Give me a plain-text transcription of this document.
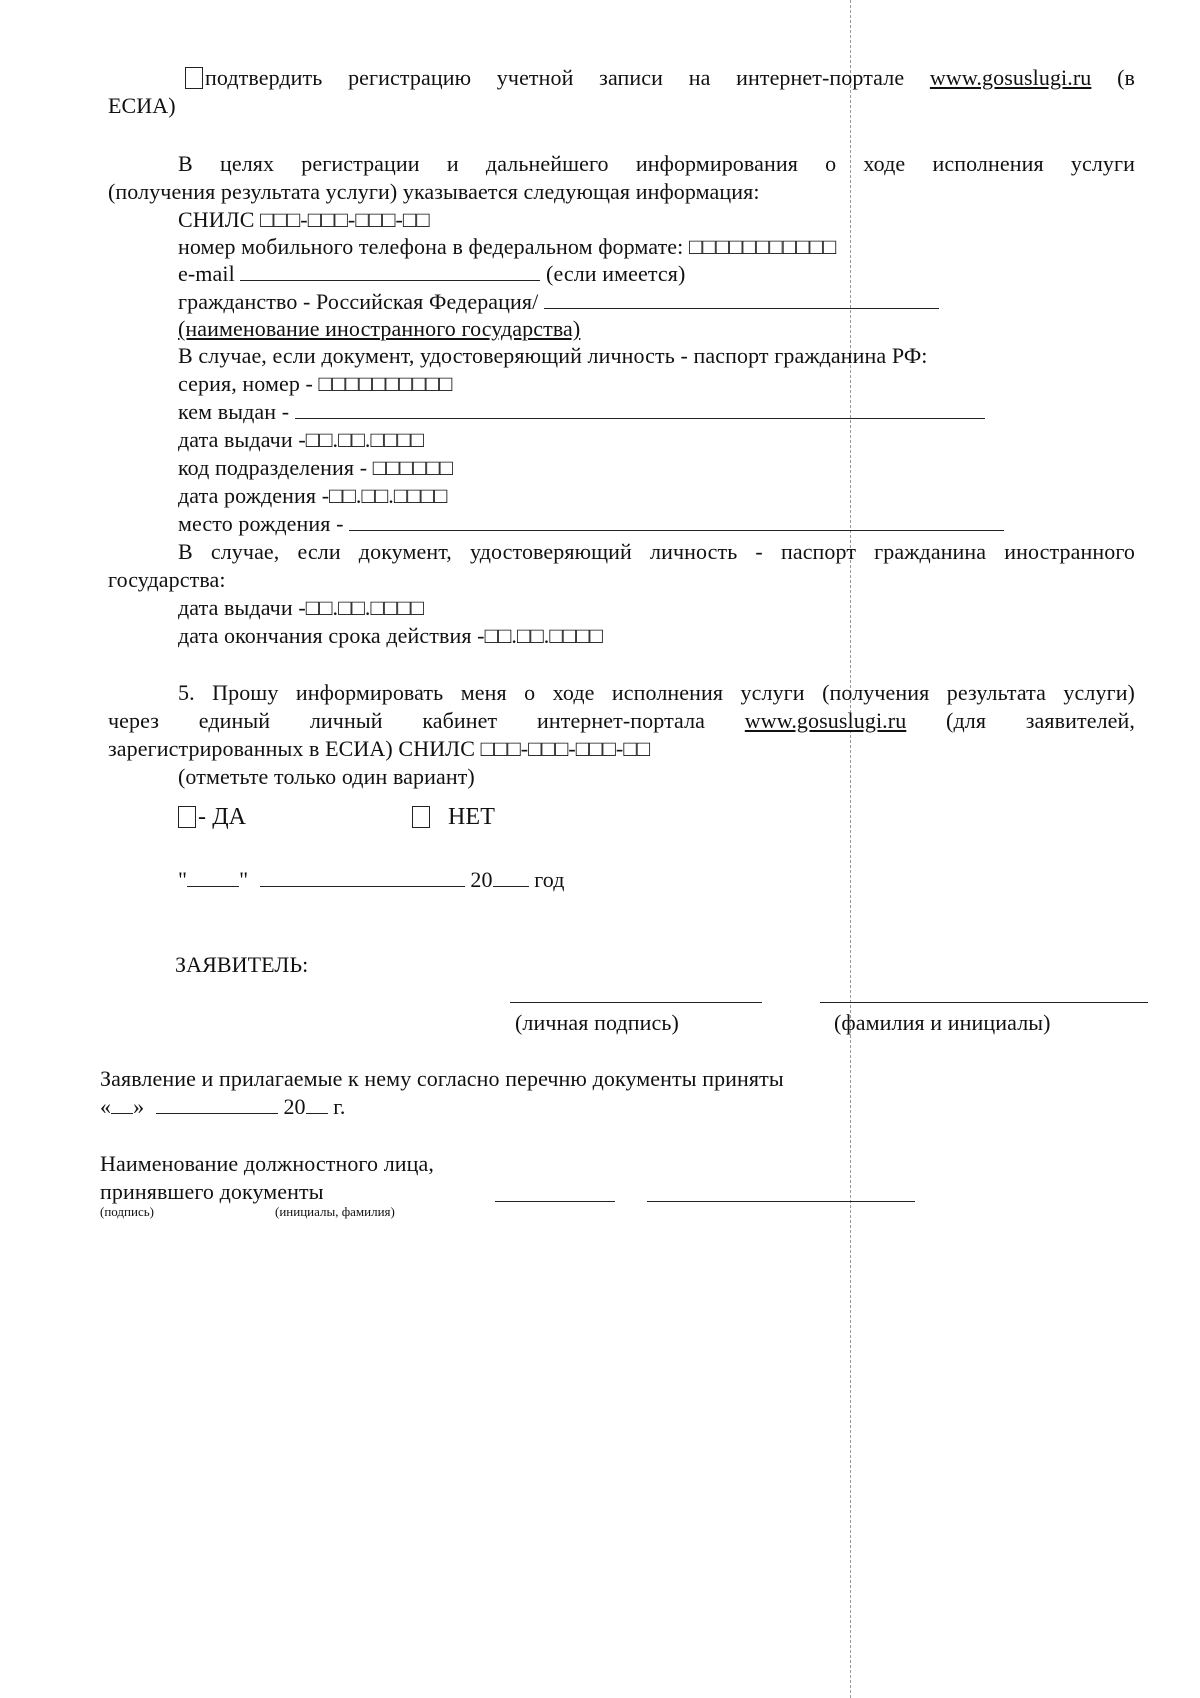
подтвердить регистрацию учетной записи на интернет-портале www.gosuslugi.ru (в
ЕСИА)
В целях регистрации и дальнейшего информирования о ходе исполнения услуги
(получения результата услуги) указывается следующая информация:
СНИЛС □□□-□□□-□□□-□□
номер мобильного телефона в федеральном формате: □□□□□□□□□□□
e-mail	(если имеется)
гражданство - Российская Федерация/
(наименование иностранного государства)
В случае, если документ, удостоверяющий личность - паспорт гражданина РФ:
серия, номер - □□□□□□□□□□
кем выдан -
дата выдачи -□□.□□.□□□□
код подразделения - □□□□□□
дата рождения -□□.□□.□□□□
место рождения -
В случае, если документ, удостоверяющий личность - паспорт гражданина иностранного
государства:
дата выдачи -□□.□□.□□□□
дата окончания срока действия -□□.□□.□□□□
5. Прошу информировать меня о ходе исполнения услуги (получения результата услуги)
через единый личный кабинет интернет-портала www.gosuslugi.ru (для заявителей,
зарегистрированных в ЕСИА) СНИЛС □□□-□□□-□□□-□□
(отметьте только один вариант)
- ДА	НЕТ
" "	20 год
ЗАЯВИТЕЛЬ:
(личная подпись)	(фамилия и инициалы)
Заявление и прилагаемые к нему согласно перечню документы приняты
« »	20 г.
Наименование должностного лица,
принявшего документы
(подпись)	(инициалы, фамилия)
